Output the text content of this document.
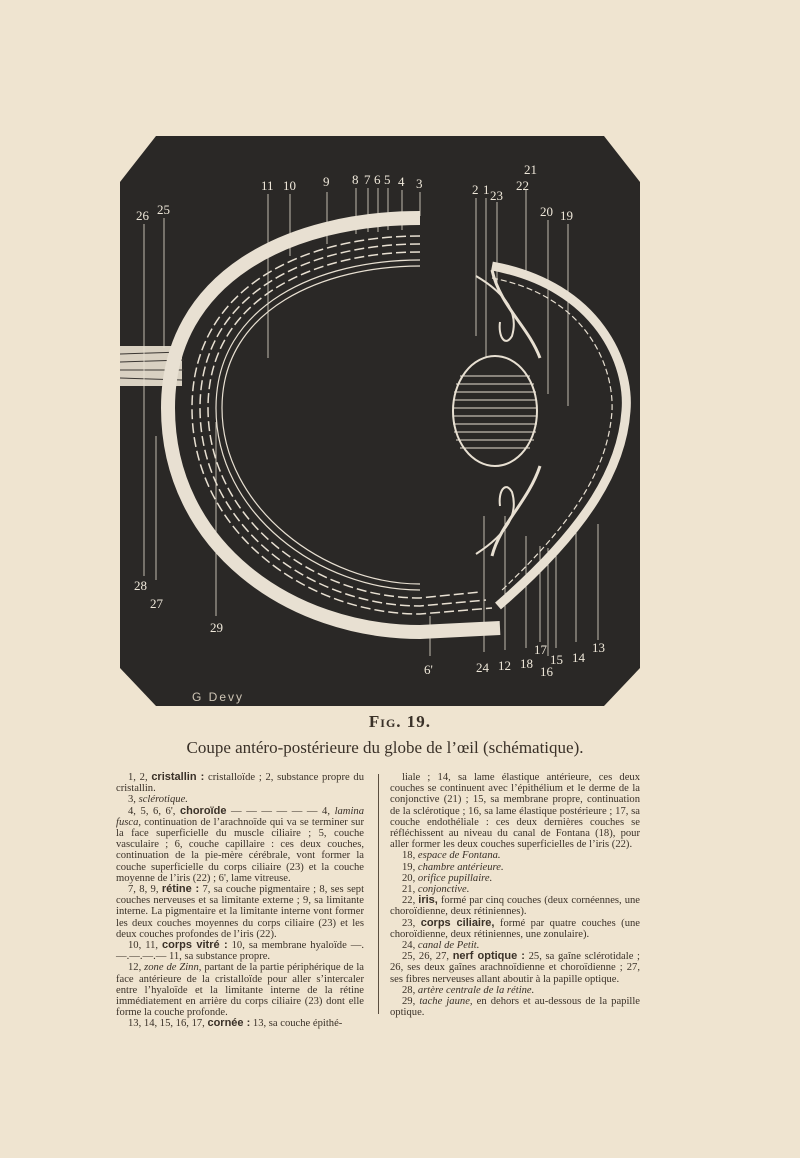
26 25
11 10 9 8 7 6 5 4 3	2 1 23
21
22
20 19
28
27
29
6'	24 12 18
17
15
16
14
13
G Devy
Fig. 19.
Coupe antéro-postérieure du globe de l’œil (schématique).

1, 2, cristallin : cristalloïde ; 2, substance propre du cristallin.

3, sclérotique.

4, 5, 6, 6', choroïde — — — — — — 4, lamina fusca, continuation de l’arachnoïde qui va se terminer sur la face superficielle du muscle ciliaire ; 5, couche vasculaire ; 6, couche capillaire : ces deux couches, continuation de la pie-mère cérébrale, vont former la couche superficielle du corps ciliaire (23) et la couche moyenne de l’iris (22) ; 6', lame vitreuse.

7, 8, 9, rétine : 7, sa couche pigmentaire ; 8, ses sept couches nerveuses et sa limitante externe ; 9, sa limitante interne. La pigmentaire et la limitante interne vont former les deux couches moyennes du corps ciliaire (23) et les deux couches profondes de l’iris (22).

10, 11, corps vitré : 10, sa membrane hyaloïde —.—.—.—.— 11, sa substance propre.

12, zone de Zinn, partant de la partie périphérique de la face antérieure de la cristalloïde pour aller s’intercaler entre l’hyaloïde et la limitante interne de la rétine immédiatement en arrière du corps ciliaire (23) dont elle forme la couche profonde.

13, 14, 15, 16, 17, cornée : 13, sa couche épithé-

liale ; 14, sa lame élastique antérieure, ces deux couches se continuent avec l’épithélium et le derme de la conjonctive (21) ; 15, sa membrane propre, continuation de la sclérotique ; 16, sa lame élastique postérieure ; 17, sa couche endothéliale : ces deux dernières couches se réfléchissent au niveau du canal de Fontana (18), pour aller former les deux couches superficielles de l’iris (22).

18, espace de Fontana.

19, chambre antérieure.

20, orifice pupillaire.

21, conjonctive.

22, iris, formé par cinq couches (deux cornéennes, une choroïdienne, deux rétiniennes).

23, corps ciliaire, formé par quatre couches (une choroïdienne, deux rétiniennes, une zonulaire).

24, canal de Petit.

25, 26, 27, nerf optique : 25, sa gaîne sclérotidale ; 26, ses deux gaînes arachnoïdienne et choroïdienne ; 27, ses fibres nerveuses allant aboutir à la papille optique.

28, artère centrale de la rétine.

29, tache jaune, en dehors et au-dessous de la papille optique.
